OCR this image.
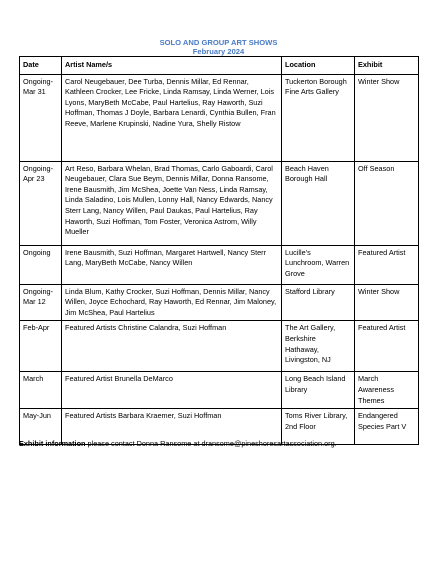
SOLO AND GROUP ART SHOWS
February 2024
Date	Artist Name/s	Location	Exhibit
Ongoing-Mar 31	Carol Neugebauer, Dee Turba, Dennis Millar, Ed Rennar, Kathleen Crocker, Lee Fricke, Linda Ramsay, Linda Werner, Lois Lyons, MaryBeth McCabe, Paul Hartelius, Ray Haworth, Suzi Hoffman, Thomas J Doyle, Barbara Lenardi, Cynthia Bullen, Fran Reeve, Marlene Krupinski, Nadine Yura, Shelly Ristow	Tuckerton Borough Fine Arts Gallery	Winter Show
Ongoing-Apr 23	Art Reso, Barbara Whelan, Brad Thomas, Carlo Gaboardi, Carol Neugebauer, Clara Sue Beym, Dennis Millar, Donna Ransome, Irene Bausmith, Jim McShea, Joette Van Ness, Linda Ramsay, Linda Saladino, Lois Mullen, Lonny Hall, Nancy Edwards, Nancy Sterr Lang, Nancy Willen, Paul Daukas, Paul Hartelius, Ray Haworth, Suzi Hoffman, Tom Foster, Veronica Astrom, Willy Mueller	Beach Haven Borough Hall	Off Season
Ongoing	Irene Bausmith, Suzi Hoffman, Margaret Hartwell, Nancy Sterr Lang, MaryBeth McCabe, Nancy Willen	Lucille’s Lunchroom, Warren Grove	Featured Artist
Ongoing-Mar 12	Linda Blum, Kathy Crocker, Suzi Hoffman, Dennis Millar, Nancy Willen, Joyce Echochard, Ray Haworth, Ed Rennar, Jim Maloney, Jim McShea, Paul Hartelius	Stafford Library	Winter Show
Feb-Apr	Featured Artists Christine Calandra, Suzi Hoffman	The Art Gallery, Berkshire Hathaway, Livingston, NJ	Featured Artist
March	Featured Artist Brunella DeMarco	Long Beach Island Library	March Awareness Themes
May-Jun	Featured Artists Barbara Kraemer, Suzi Hoffman	Toms River Library, 2nd Floor	Endangered Species Part V
Exhibit information please contact Donna Ransome at dransome@pineshoresartassociation.org.
